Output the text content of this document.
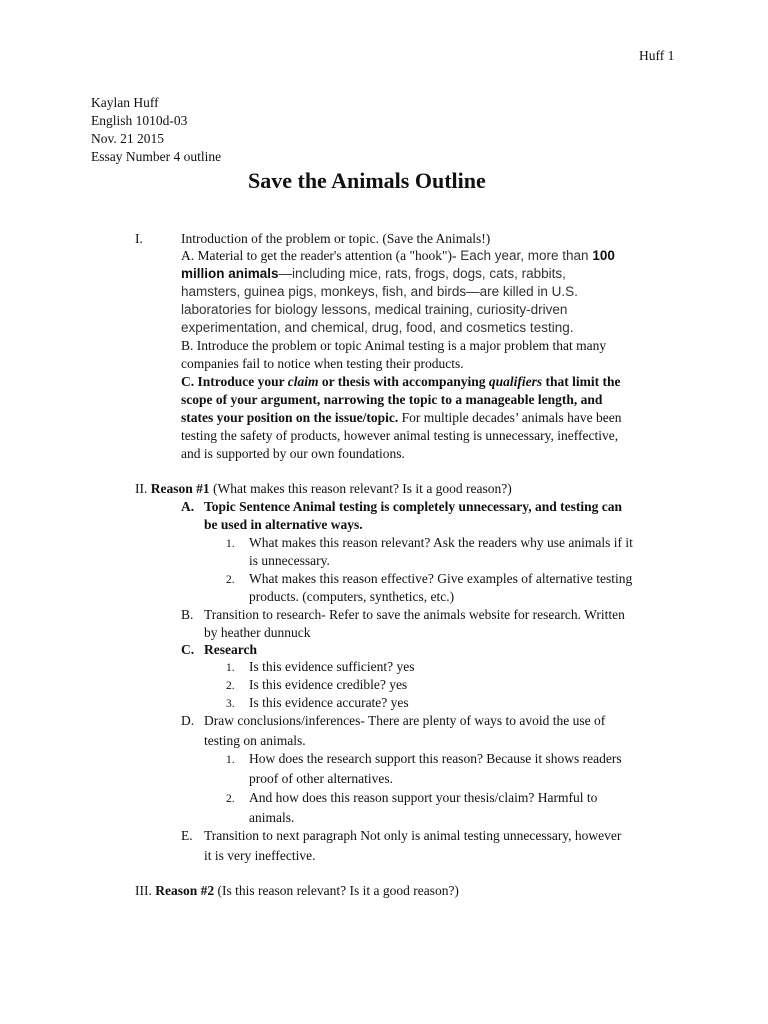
Huff 1
Kaylan Huff
English 1010d-03
Nov. 21 2015
Essay Number 4 outline
Save the Animals Outline
I.	Introduction of the problem or topic. (Save the Animals!)
A. Material to get the reader's attention (a "hook")- Each year, more than 100
million animals—including mice, rats, frogs, dogs, cats, rabbits,
hamsters, guinea pigs, monkeys, fish, and birds—are killed in U.S.
laboratories for biology lessons, medical training, curiosity-driven
experimentation, and chemical, drug, food, and cosmetics testing.
B. Introduce the problem or topic Animal testing is a major problem that many
companies fail to notice when testing their products.
C. Introduce your claim or thesis with accompanying qualifiers that limit the
scope of your argument, narrowing the topic to a manageable length, and
states your position on the issue/topic. For multiple decades’ animals have been
testing the safety of products, however animal testing is unnecessary, ineffective,
and is supported by our own foundations.
II. Reason #1 (What makes this reason relevant? Is it a good reason?)
A. Topic Sentence Animal testing is completely unnecessary, and testing can
be used in alternative ways.
1. What makes this reason relevant? Ask the readers why use animals if it
is unnecessary.
2. What makes this reason effective? Give examples of alternative testing
products. (computers, synthetics, etc.)
B. Transition to research- Refer to save the animals website for research. Written
by heather dunnuck
C. Research
1. Is this evidence sufficient? yes
2. Is this evidence credible? yes
3. Is this evidence accurate? yes
D. Draw conclusions/inferences- There are plenty of ways to avoid the use of
testing on animals.
1. How does the research support this reason? Because it shows readers
proof of other alternatives.
2. And how does this reason support your thesis/claim? Harmful to
animals.
E. Transition to next paragraph Not only is animal testing unnecessary, however
it is very ineffective.
III. Reason #2 (Is this reason relevant? Is it a good reason?)
